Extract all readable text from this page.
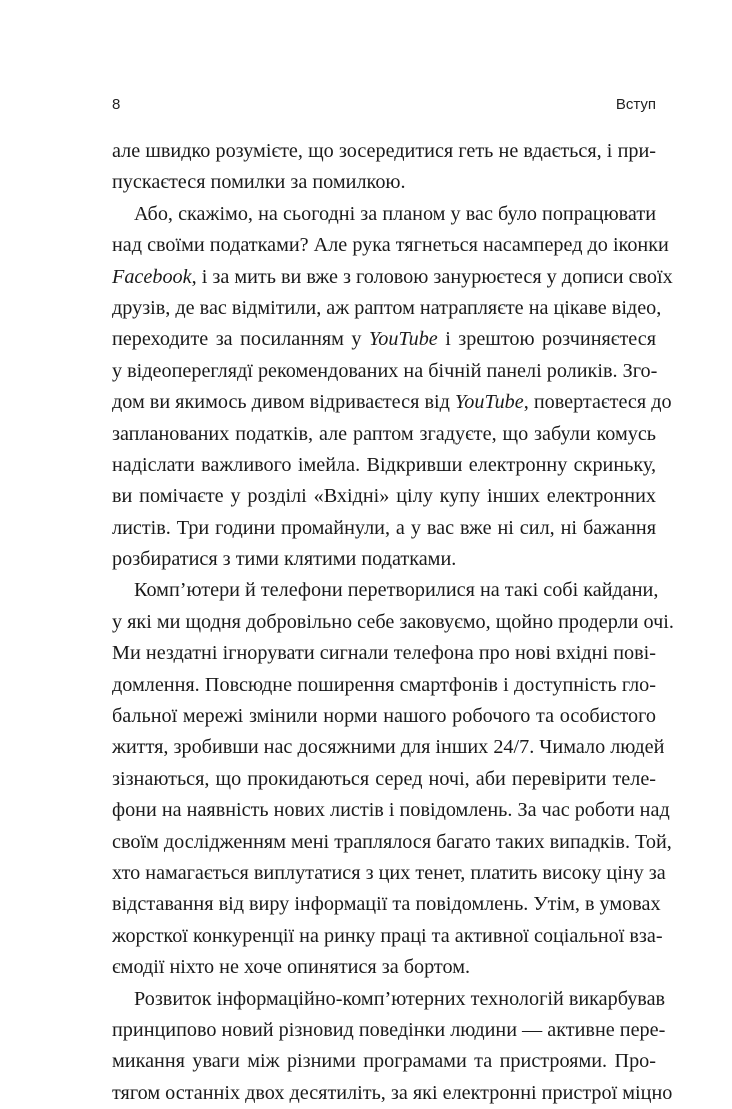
8	Вступ
але швидко розумієте, що зосередитися геть не вдається, і при-
пускаєтеся помилки за помилкою.
Або, скажімо, на сьогодні за планом у вас було попрацювати
над своїми податками? Але рука тягнеться насамперед до іконки
Facebook, і за мить ви вже з головою занурюєтеся у дописи своїх
друзів, де вас відмітили, аж раптом натрапляєте на цікаве відео,
переходите за посиланням у YouTube і зрештою розчиняєтеся
у відеопереглядї рекомендованих на бічній панелі роликів. Зго-
дом ви якимось дивом відриваєтеся від YouTube, повертаєтеся до
запланованих податків, але раптом згадуєте, що забули комусь
надіслати важливого імейла. Відкривши електронну скриньку,
ви помічаєте у розділі «Вхідні» цілу купу інших електронних
листів. Три години промайнули, а у вас вже ні сил, ні бажання
розбиратися з тими клятими податками.
Комп’ютери й телефони перетворилися на такі собі кайдани,
у які ми щодня добровільно себе заковуємо, щойно продерли очі.
Ми нездатні ігнорувати сигнали телефона про нові вхідні пові-
домлення. Повсюдне поширення смартфонів і доступність гло-
бальної мережі змінили норми нашого робочого та особистого
життя, зробивши нас досяжними для інших 24/7. Чимало людей
зізнаються, що прокидаються серед ночі, аби перевірити теле-
фони на наявність нових листів і повідомлень. За час роботи над
своїм дослідженням мені траплялося багато таких випадків. Той,
хто намагається виплутатися з цих тенет, платить високу ціну за
відставання від виру інформації та повідомлень. Утім, в умовах
жорсткої конкуренції на ринку праці та активної соціальної вза-
ємодії ніхто не хоче опинятися за бортом.
Розвиток інформаційно-комп’ютерних технологій викарбував
принципово новий різновид поведінки людини — активне пере-
микання уваги між різними програмами та пристроями. Про-
тягом останніх двох десятиліть, за які електронні пристрої міцно
